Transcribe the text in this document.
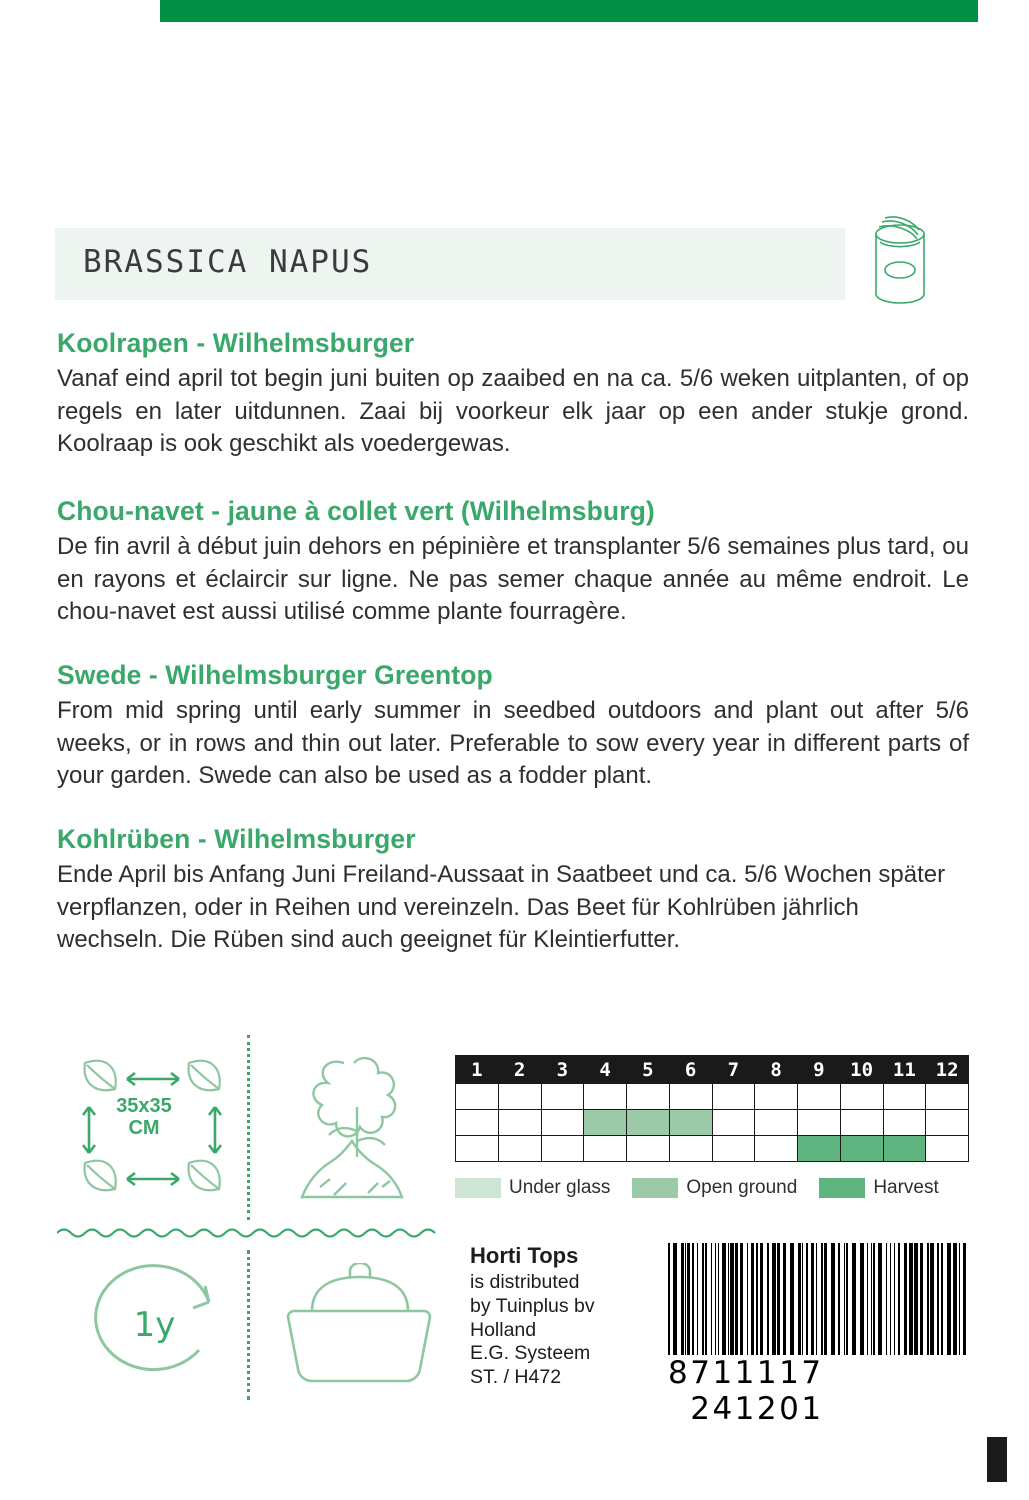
BRASSICA NAPUS
Koolrapen - Wilhelmsburger

Vanaf eind april tot begin juni buiten op zaaibed en na ca. 5/6 weken uitplanten, of op regels en later uitdunnen. Zaai bij voorkeur elk jaar op een ander stukje grond. Koolraap is ook geschikt als voedergewas.

Chou-navet - jaune à collet vert (Wilhelmsburg)

De fin avril à début juin dehors en pépinière et transplanter 5/6 semaines plus tard, ou en rayons et éclaircir sur ligne. Ne pas semer chaque année au même endroit. Le chou-navet est aussi utilisé comme plante fourragère.

Swede - Wilhelmsburger Greentop

From mid spring until early summer in seedbed outdoors and plant out after 5/6 weeks, or in rows and thin out later. Preferable to sow every year in different parts of your garden. Swede can also be used as a fodder plant.

Kohlrüben - Wilhelmsburger

Ende April bis Anfang Juni Freiland-Aussaat in Saatbeet und ca. 5/6 Wochen später verpflanzen, oder in Reihen und vereinzeln. Das Beet für Kohlrüben jährlich wechseln. Die Rüben sind auch geeignet für Kleintierfutter.

35x35
CM
1y
1	2	3	4	5	6	7	8	9	10	11	12

Under glass	Open ground	Harvest
Horti Tops
is distributed
by Tuinplus bv
Holland
E.G. Systeem
ST. / H472	8 711117 241201
